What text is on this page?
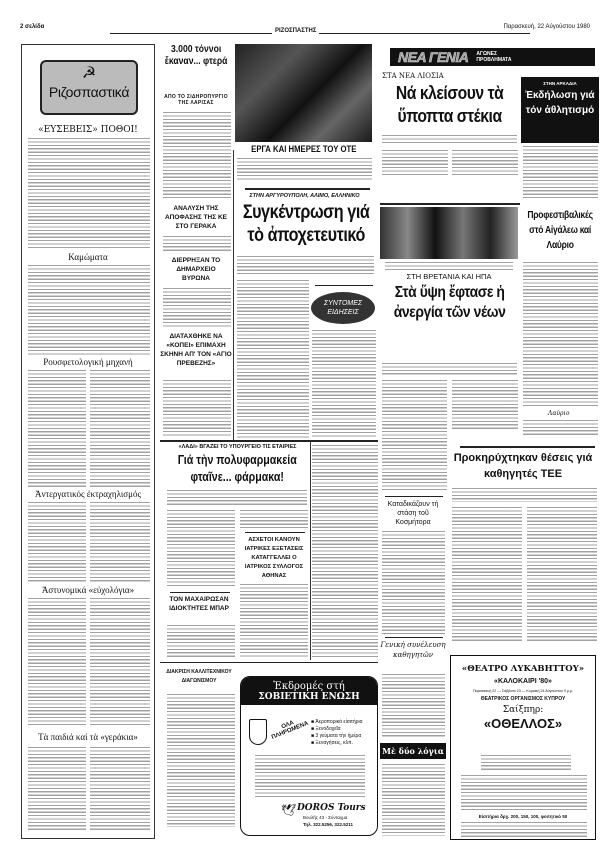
2 σελίδα
ΡΙΖΟΣΠΑΣΤΗΣ
Παρασκευή, 22 Αὐγούστου 1980
☭
Ριζοσπαστικά
«ΕΥΣΕΒΕΙΣ» ΠΟΘΟΙ!
Καμώματα
Ρουσφετολογική μηχανή
Ἀντεργατικός ἐκτραχηλισμός
Ἀστυνομικά «εὐχολόγια»
Τὰ παιδιά καί τὰ «γεράκια»
3.000 τόννοι ἔκαναν... φτερά
ΑΠΟ ΤΟ ΣΙΔΗΡΟΠΥΡΓΙΟ ΤΗΣ ΛΑΡΙΣΑΣ
ΑΝΑΛΥΣΗ ΤΗΣ ΑΠΟΦΑΣΗΣ ΤΗΣ ΚΕ ΣΤΟ ΓΕΡΑΚΑ
ΔΙΕΡΡΗΞΑΝ ΤΟ ΔΗΜΑΡΧΕΙΟ ΒΥΡΩΝΑ
ΔΙΑΤΑΧΘΗΚΕ ΝΑ «ΚΟΠΕΙ» ΕΠΙΜΑΧΗ ΣΚΗΝΗ ΑΠ' ΤΟΝ «ΑΓΙΟ ΠΡΕΒΕΖΗΣ»
ΕΡΓΑ ΚΑΙ ΗΜΕΡΕΣ ΤΟΥ ΟΤΕ
ΣΤΗΝ ΑΡΓΥΡΟΥΠΟΛΗ, ΑΛΙΜΟ, ΕΛΛΗΝΙΚΟ
Συγκέντρωση γιά τὸ ἀποχετευτικό
ΣΥΝΤΟΜΕΣ ΕΙΔΗΣΕΙΣ
«ΛΑΔΙ» ΒΓΑΖΕΙ ΤΟ ΥΠΟΥΡΓΕΙΟ ΤΙΣ ΕΤΑΙΡΙΕΣ
Γιά τὴν πολυφαρμακεία φταῖνε... φάρμακα!
ΑΣΧΕΤΟΙ ΚΑΝΟΥΝ ΙΑΤΡΙΚΕΣ ΕΞΕΤΑΣΕΙΣ ΚΑΤΑΓΓΕΛΛΕΙ Ο ΙΑΤΡΙΚΟΣ ΣΥΛΛΟΓΟΣ ΑΘΗΝΑΣ
ΤΟΝ ΜΑΧΑΙΡΩΣΑΝ ΙΔΙΟΚΤΗΤΕΣ ΜΠΑΡ
ΔΙΑΚΡΙΣΗ ΚΑΛΛΙΤΕΧΝΙΚΟΥ ΔΙΑΓΩΝΙΣΜΟΥ	Ἐκδρομές στή
ΣΟΒΙΕΤΙΚΗ ΕΝΩΣΗ
ΟΛΑ ΠΛΗΡΩΜΕΝΑ ■ Ἀεροπορικά εἰσιτήρια
■ Ξενοδοχεῖα
■ 3 γεύματα τὴν ἡμέρα
■ Ξεναγήσεις, κλπ.
🕊 DOROS Tours
Βουλῆς 43 - Σύνταγμα
Τηλ. 322.5256, 322.5211
ΝΕΑ ΓΕΝΙΑ ΑΓΩΝΕΣ ΠΡΟΒΛΗΜΑΤΑ
ΣΤΑ ΝΕΑ ΛΙΟΣΙΑ
Νά κλείσουν τὰ ὕποπτα στέκια
ΣΤΗΝ ΑΡΚΑΔΙΑ
Ἐκδήλωση γιά τόν ἀθλητισμό
ΣΤΗ ΒΡΕΤΑΝΙΑ ΚΑΙ ΗΠΑ
Στὰ ὕψη ἔφτασε ἡ ἀνεργία τῶν νέων
Προφεστιβαλικές στό Αἰγάλεω καί Λαύριο
Λαύριο
Προκηρύχτηκαν θέσεις γιά καθηγητές ΤΕΕ
Καταδικάζουν τή στάση τοῦ Κοσμήτορα
Γενική συνέλευση καθηγητῶν
Μὲ δύο λόγια
«ΘΕΑΤΡΟ ΛΥΚΑΒΗΤΤΟΥ»
«ΚΑΛΟΚΑΙΡΙ '80»
Παρασκευή 22 — Σάββατο 23 — Κυριακή 24 Αὐγούστου 9 μ.μ.
ΘΕΑΤΡΙΚΟΣ ΟΡΓΑΝΙΣΜΟΣ ΚΥΠΡΟΥ
Σαίξπηρ:
«ΟΘΕΛΛΟΣ»
Εἰσιτήρια δρχ. 200, 150, 100, φοιτητικό 50
